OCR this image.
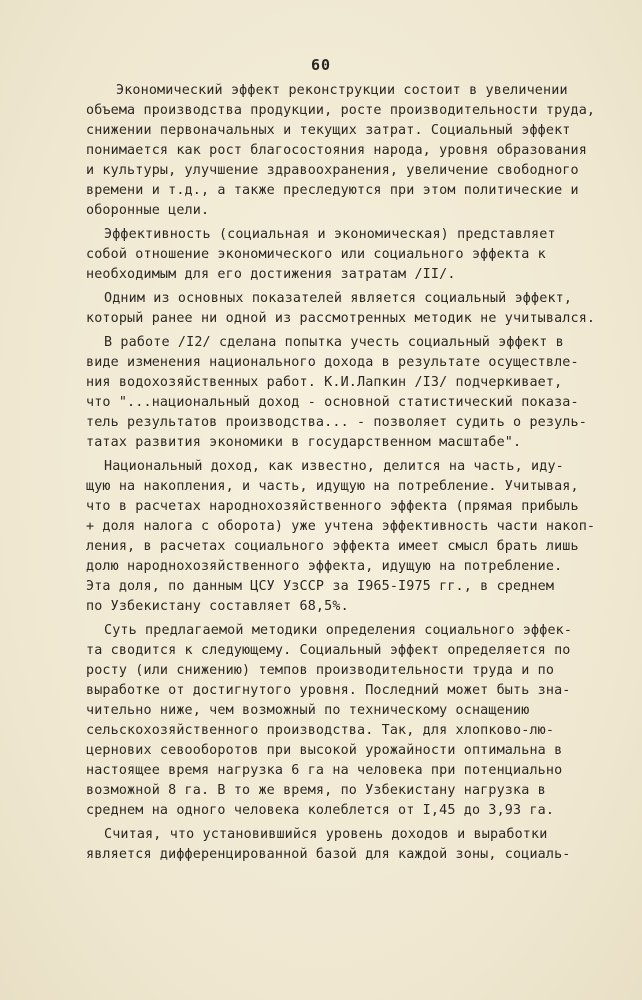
60
Экономический эффект реконструкции состоит в увеличении
объема производства продукции, росте производительности труда,
снижении первоначальных и текущих затрат. Социальный эффект
понимается как рост благосостояния народа, уровня образования
и культуры, улучшение здравоохранения, увеличение свободного
времени и т.д., а также преследуются при этом политические и
оборонные цели.
Эффективность (социальная и экономическая) представляет
собой отношение экономического или социального эффекта к
необходимым для его достижения затратам /II/.
Одним из основных показателей является социальный эффект,
который ранее ни одной из рассмотренных методик не учитывался.
В работе /I2/ сделана попытка учесть социальный эффект в
виде изменения национального дохода в результате осуществле-
ния водохозяйственных работ. К.И.Лапкин /I3/ подчеркивает,
что "...национальный доход - основной статистический показа-
тель результатов производства... - позволяет судить о резуль-
татах развития экономики в государственном масштабе".
Национальный доход, как известно, делится на часть, иду-
щую на накопления, и часть, идущую на потребление. Учитывая,
что в расчетах народнохозяйственного эффекта (прямая прибыль
+ доля налога с оборота) уже учтена эффективность части накоп-
ления, в расчетах социального эффекта имеет смысл брать лишь
долю народнохозяйственного эффекта, идущую на потребление.
Эта доля, по данным ЦСУ УзССР за I965-I975 гг., в среднем
по Узбекистану составляет 68,5%.
Суть предлагаемой методики определения социального эффек-
та сводится к следующему. Социальный эффект определяется по
росту (или снижению) темпов производительности труда и по
выработке от достигнутого уровня. Последний может быть зна-
чительно ниже, чем возможный по техническому оснащению
сельскохозяйственного производства. Так, для хлопково-лю-
цернових севооборотов при высокой урожайности оптимальна в
настоящее время нагрузка 6 га на человека при потенциально
возможной 8 га. В то же время, по Узбекистану нагрузка в
среднем на одного человека колеблется от I,45 до 3,93 га.
Считая, что установившийся уровень доходов и выработки
является дифференцированной базой для каждой зоны, социаль-
